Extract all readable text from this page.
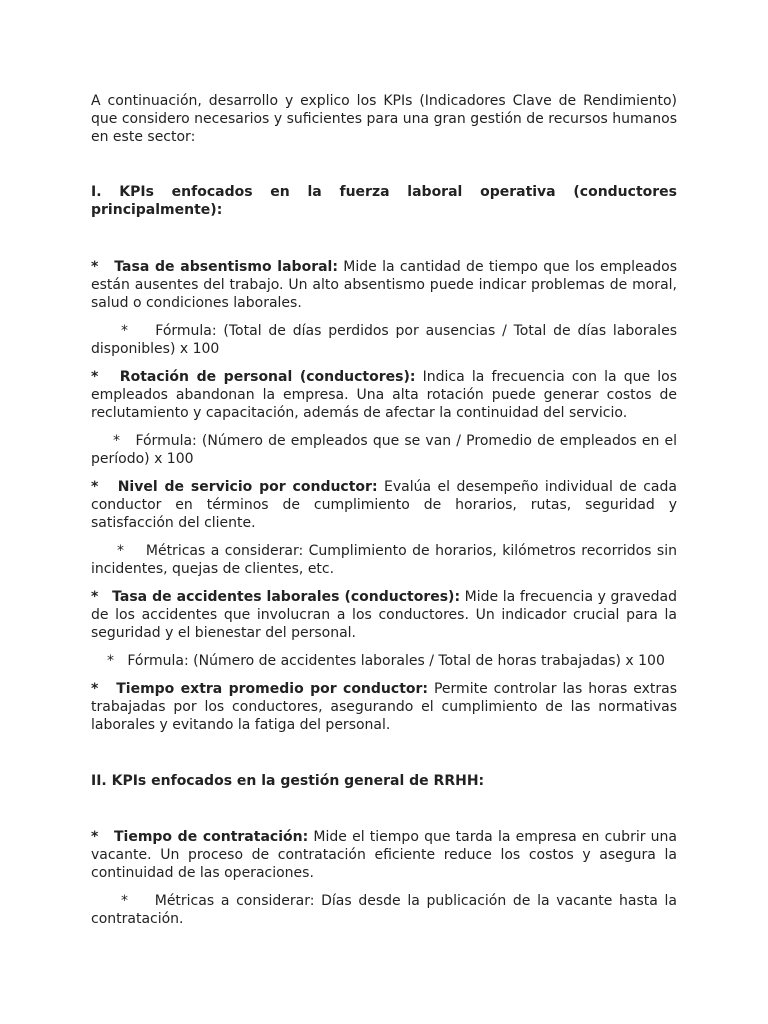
A continuación, desarrollo y explico los KPIs (Indicadores Clave de Rendimiento) que considero necesarios y suficientes para una gran gestión de recursos humanos en este sector:

I. KPIs enfocados en la fuerza laboral operativa (conductores principalmente):

* Tasa de absentismo laboral: Mide la cantidad de tiempo que los empleados están ausentes del trabajo. Un alto absentismo puede indicar problemas de moral, salud o condiciones laborales.

* Fórmula: (Total de días perdidos por ausencias / Total de días laborales disponibles) x 100

* Rotación de personal (conductores): Indica la frecuencia con la que los empleados abandonan la empresa. Una alta rotación puede generar costos de reclutamiento y capacitación, además de afectar la continuidad del servicio.

* Fórmula: (Número de empleados que se van / Promedio de empleados en el período) x 100

* Nivel de servicio por conductor: Evalúa el desempeño individual de cada conductor en términos de cumplimiento de horarios, rutas, seguridad y satisfacción del cliente.

* Métricas a considerar: Cumplimiento de horarios, kilómetros recorridos sin incidentes, quejas de clientes, etc.

* Tasa de accidentes laborales (conductores): Mide la frecuencia y gravedad de los accidentes que involucran a los conductores. Un indicador crucial para la seguridad y el bienestar del personal.

* Fórmula: (Número de accidentes laborales / Total de horas trabajadas) x 100

* Tiempo extra promedio por conductor: Permite controlar las horas extras trabajadas por los conductores, asegurando el cumplimiento de las normativas laborales y evitando la fatiga del personal.

II. KPIs enfocados en la gestión general de RRHH:

* Tiempo de contratación: Mide el tiempo que tarda la empresa en cubrir una vacante. Un proceso de contratación eficiente reduce los costos y asegura la continuidad de las operaciones.

* Métricas a considerar: Días desde la publicación de la vacante hasta la contratación.
